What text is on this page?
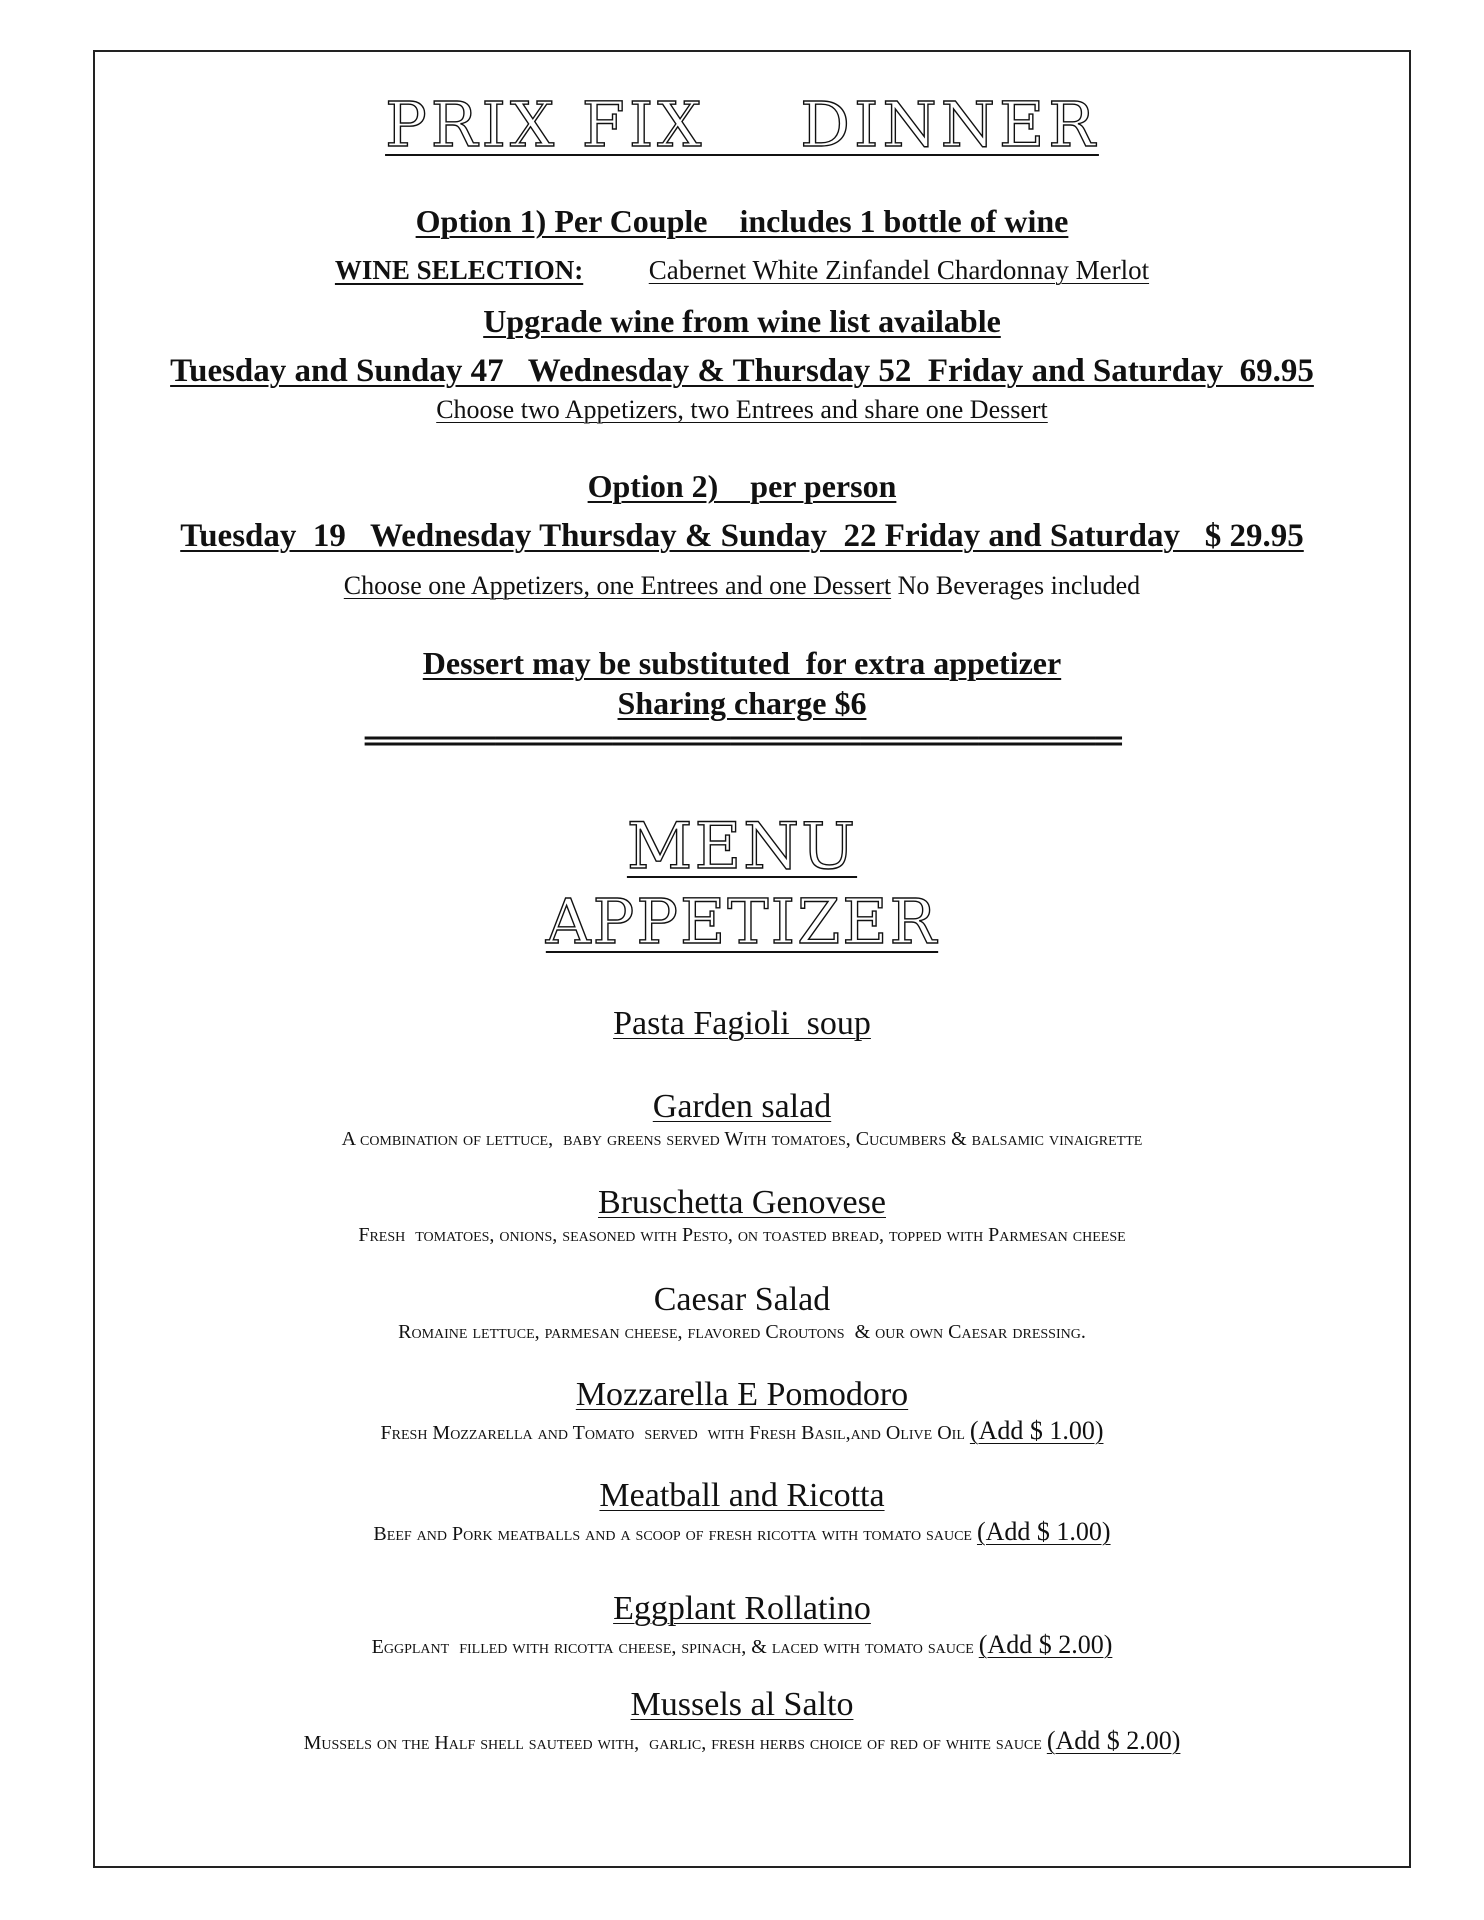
PRIX FIX    DINNER
Option 1) Per Couple    includes 1 bottle of wine
WINE SELECTION: Cabernet White Zinfandel Chardonnay Merlot
Upgrade wine from wine list available
Tuesday and Sunday 47   Wednesday & Thursday 52  Friday and Saturday  69.95
Choose two Appetizers, two Entrees and share one Dessert
Option 2)    per person
Tuesday  19   Wednesday Thursday & Sunday  22 Friday and Saturday   $ 29.95
Choose one Appetizers, one Entrees and one Dessert No Beverages included
Dessert may be substituted  for extra appetizer
Sharing charge $6
==========================================================
MENU
APPETIZER
Pasta Fagioli  soup
Garden salad
A combination of lettuce,  baby greens served With tomatoes, Cucumbers & balsamic vinaigrette
Bruschetta Genovese
Fresh  tomatoes, onions, seasoned with Pesto, on toasted bread, topped with Parmesan cheese
Caesar Salad
Romaine lettuce, parmesan cheese, flavored Croutons  & our own Caesar dressing.
Mozzarella E Pomodoro
Fresh Mozzarella and Tomato  served  with Fresh Basil,and Olive Oil (Add $ 1.00)
Meatball and Ricotta
Beef and Pork meatballs and a scoop of fresh ricotta with tomato sauce (Add $ 1.00)
Eggplant Rollatino
Eggplant  filled with ricotta cheese, spinach, & laced with tomato sauce (Add $ 2.00)
Mussels al Salto
Mussels on the Half shell sauteed with,  garlic, fresh herbs choice of red of white sauce (Add $ 2.00)
